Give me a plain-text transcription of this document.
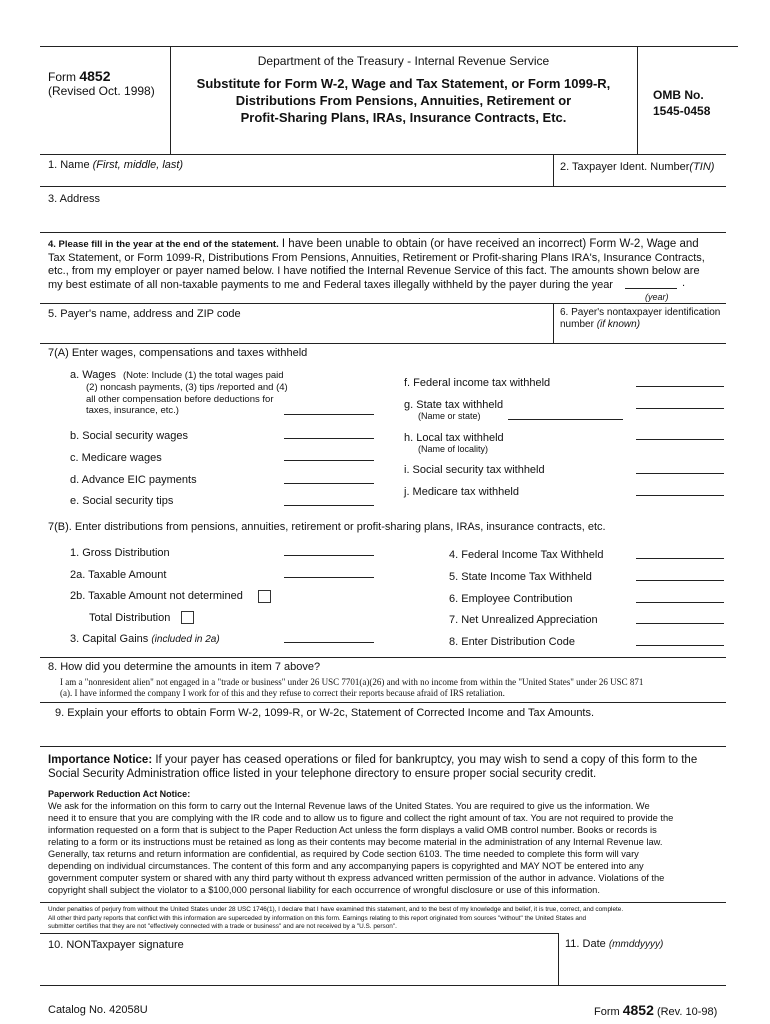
Form 4852
(Revised Oct. 1998)
Department of the Treasury - Internal Revenue Service
Substitute for Form W-2, Wage and Tax Statement, or Form 1099-R,
Distributions From Pensions, Annuities, Retirement or
Profit-Sharing Plans, IRAs, Insurance Contracts, Etc.
OMB No.
1545-0458
1. Name (First, middle, last)	2. Taxpayer Ident. Number(TIN)
3. Address
4. Please fill in the year at the end of the statement. I have been unable to obtain (or have received an incorrect) Form W-2, Wage and
Tax Statement, or Form 1099-R, Distributions From Pensions, Annuities, Retirement or Profit-sharing Plans IRA's, Insurance Contracts,
etc., from my employer or payer named below. I have notified the Internal Revenue Service of this fact. The amounts shown below are
my best estimate of all non-taxable payments to me and Federal taxes illegally withheld by the payer during the year	.
(year)
5. Payer's name, address and ZIP code	6. Payer's nontaxpayer identification
number (if known)
7(A) Enter wages, compensations and taxes withheld
a. Wages (Note: Include (1) the total wages paid
(2) noncash payments, (3) tips /reported and (4)
all other compensation before deductions for
taxes, insurance, etc.)
b. Social security wages
c. Medicare wages
d. Advance EIC payments
e. Social security tips
f. Federal income tax withheld
g. State tax withheld
(Name or state)
h. Local tax withheld
(Name of locality)
i. Social security tax withheld
j. Medicare tax withheld
7(B). Enter distributions from pensions, annuities, retirement or profit-sharing plans, IRAs, insurance contracts, etc.
1. Gross Distribution
2a. Taxable Amount
2b. Taxable Amount not determined
Total Distribution
3. Capital Gains (included in 2a)
4. Federal Income Tax Withheld
5. State Income Tax Withheld
6. Employee Contribution
7. Net Unrealized Appreciation
8. Enter Distribution Code
8. How did you determine the amounts in item 7 above?
I am a "nonresident alien" not engaged in a "trade or business" under 26 USC 7701(a)(26) and with no income from within the "United States" under 26 USC 871
(a). I have informed the company I work for of this and they refuse to correct their reports because afraid of IRS retaliation.
9. Explain your efforts to obtain Form W-2, 1099-R, or W-2c, Statement of Corrected Income and Tax Amounts.
Importance Notice: If your payer has ceased operations or filed for bankruptcy, you may wish to send a copy of this form to the
Social Security Administration office listed in your telephone directory to ensure proper social security credit.
Paperwork Reduction Act Notice:
We ask for the information on this form to carry out the Internal Revenue laws of the United States. You are required to give us the information. We
need it to ensure that you are complying with the IR code and to allow us to figure and collect the right amount of tax. You are not required to provide the
information requested on a form that is subject to the Paper Reduction Act unless the form displays a valid OMB control number. Books or records is
relating to a form or its instructions must be retained as long as their contents may become material in the administration of any Internal Revenue law.
Generally, tax returns and return information are confidential, as required by Code section 6103. The time needed to complete this form will vary
depending on individual circumstances. The content of this form and any accompanying papers is copyrighted and MAY NOT be entered into any
government computer system or shared with any third party without th express advanced written permission of the author in advance. Violations of the
copyright shall subject the violator to a $100,000 personal liability for each occurrence of wrongful disclosure or use of this information.
Under penalties of perjury from without the United States under 28 USC 1746(1), I declare that I have examined this statement, and to the best of my knowledge and belief, it is true, correct, and complete.
All other third party reports that conflict with this information are superceded by information on this form. Earnings relating to this report originated from sources "without" the United States and
submitter certifies that they are not "effectively connected with a trade or business" and are not received by a "U.S. person".
10. NONTaxpayer signature	11. Date (mmddyyyy)
Catalog No. 42058U	Form 4852 (Rev. 10-98)
